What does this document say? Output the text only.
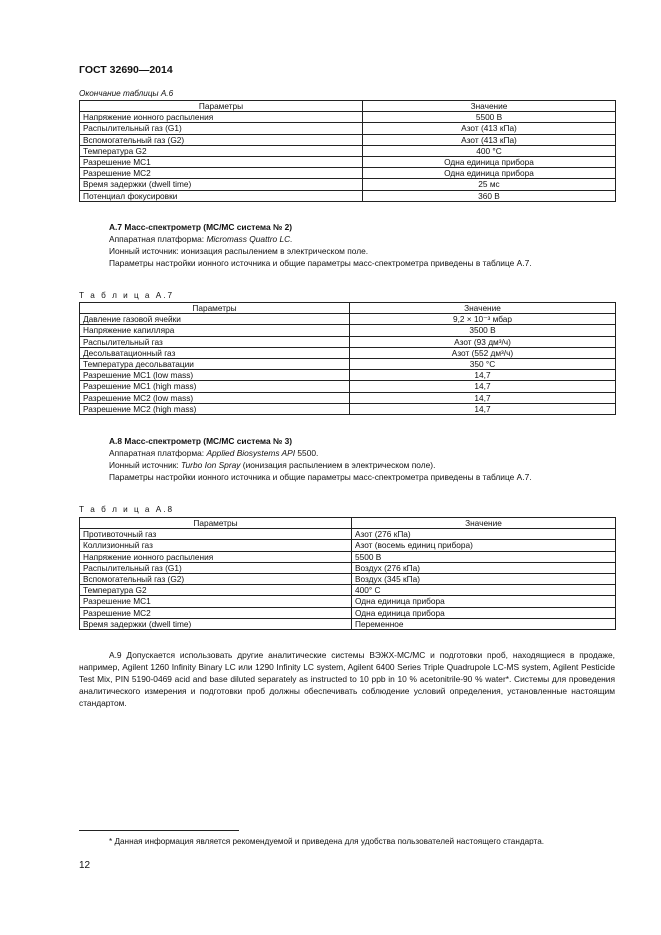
ГОСТ 32690—2014
Окончание таблицы А.6
Параметры	Значение
Напряжение ионного распыления	5500 В
Распылительный газ (G1)	Азот (413 кПа)
Вспомогательный газ (G2)	Азот (413 кПа)
Температура G2	400 °С
Разрешение МС1	Одна единица прибора
Разрешение МС2	Одна единица прибора
Время задержки (dwell time)	25 мс
Потенциал фокусировки	360 В
А.7 Масс-спектрометр (МС/МС система № 2)
Аппаратная платформа: Micromass Quattro LC.
Ионный источник: ионизация распылением в электрическом поле.
Параметры настройки ионного источника и общие параметры масс-спектрометра приведены в таблице А.7.
Т а б л и ц а А.7
Параметры	Значение
Давление газовой ячейки	9,2 × 10⁻³ мбар
Напряжение капилляра	3500 В
Распылительный газ	Азот (93 дм³/ч)
Десольватационный газ	Азот (552 дм³/ч)
Температура десольватации	350 °С
Разрешение МС1 (low mass)	14,7
Разрешение МС1 (high mass)	14,7
Разрешение МС2 (low mass)	14,7
Разрешение МС2 (high mass)	14,7
А.8 Масс-спектрометр (МС/МС система № 3)
Аппаратная платформа: Applied Biosystems API 5500.
Ионный источник: Turbo Ion Spray (ионизация распылением в электрическом поле).
Параметры настройки ионного источника и общие параметры масс-спектрометра приведены в таблице А.7.
Т а б л и ц а А.8
Параметры	Значение
Противоточный газ	Азот (276 кПа)
Коллизионный газ	Азот (восемь единиц прибора)
Напряжение ионного распыления	5500 В
Распылительный газ (G1)	Воздух (276 кПа)
Вспомогательный газ (G2)	Воздух (345 кПа)
Температура G2	400° С
Разрешение МС1	Одна единица прибора
Разрешение МС2	Одна единица прибора
Время задержки (dwell time)	Переменное
А.9 Допускается использовать другие аналитические системы ВЭЖХ-МС/МС и подготовки проб, находящиеся в продаже, например, Agilent 1260 Infinity Binary LC или 1290 Infinity LC system, Agilent 6400 Series Triple Quadrupole LC-MS system, Agilent Pesticide Test Mix, PIN 5190-0469 acid and base diluted separately as instructed to 10 ppb in 10 % acetonitrile-90 % water*. Системы для проведения аналитического измерения и подготовки проб должны обеспечивать соблюдение условий определения, установленные настоящим стандартом.
* Данная информация является рекомендуемой и приведена для удобства пользователей настоящего стандарта.
12
